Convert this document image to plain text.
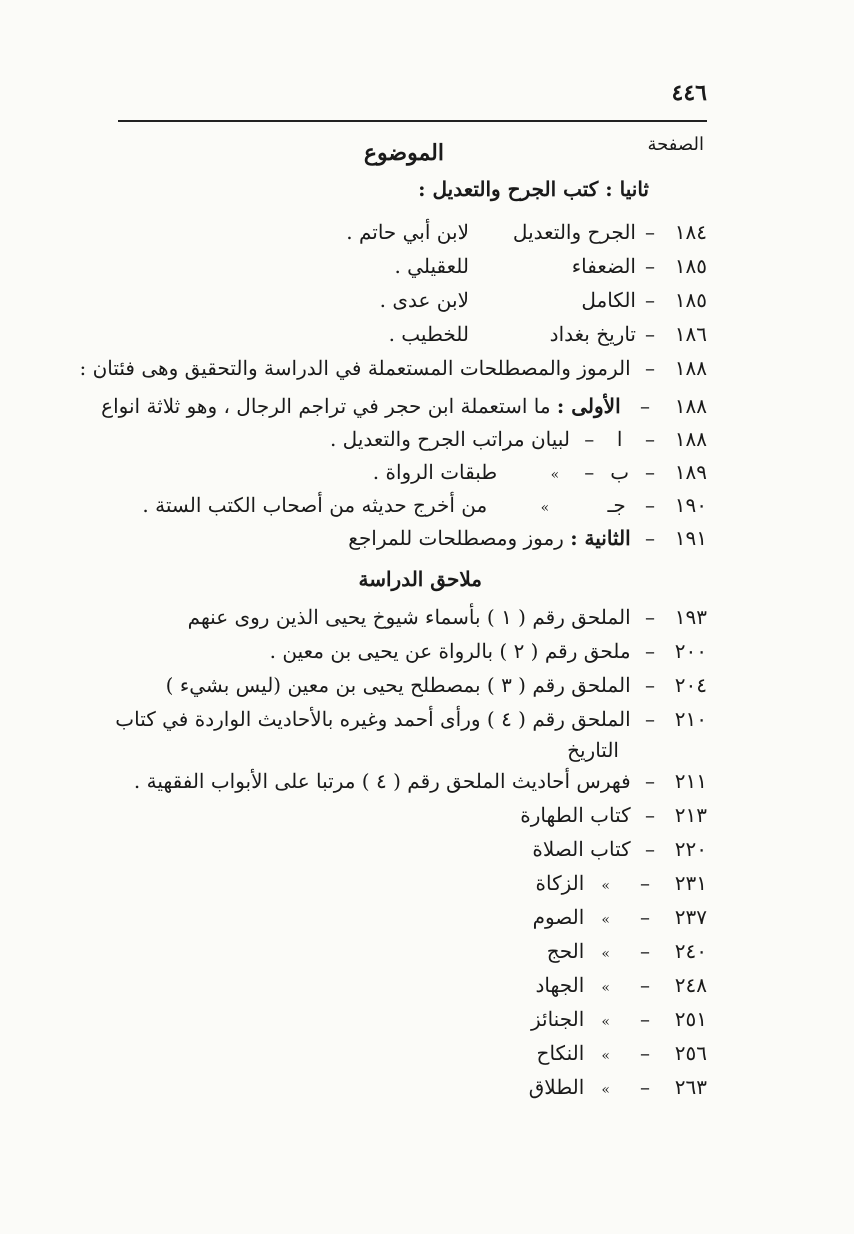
٤٤٦
الصفحة
الموضوع
ثانيا : كتب الجرح والتعديل :
١٨٤–
الجرح والتعديل
لابن أبي حاتم .
١٨٥–
الضعفاء
للعقيلي .
١٨٥–
الكامل
لابن عدى .
١٨٦–
تاريخ بغداد
للخطيب .
١٨٨– الرموز والمصطلحات المستعملة في الدراسة والتحقيق وهى فئتان :
١٨٨– الأولى : ما استعملة ابن حجر في تراجم الرجال ، وهو ثلاثة انواع
١٨٨– ا – لبيان مراتب الجرح والتعديل .
١٨٩– ب – »  طبقات الرواة .
١٩٠– جـ  »  من أخرج حديثه من أصحاب الكتب الستة .
١٩١– الثانية : رموز ومصطلحات للمراجع
ملاحق الدراسة
١٩٣– الملحق رقم ( ١ ) بأسماء شيوخ يحيى الذين روى عنهم
٢٠٠– ملحق رقم ( ٢ ) بالرواة عن يحيى بن معين .
٢٠٤– الملحق رقم ( ٣ ) بمصطلح يحيى بن معين (ليس بشيء )
٢١٠– الملحق رقم ( ٤ ) ورأى أحمد وغيره بالأحاديث الواردة في كتاب
التاريخ
٢١١– فهرس أحاديث الملحق رقم ( ٤ ) مرتبا على الأبواب الفقهية .
٢١٣– كتاب الطهارة
٢٢٠– كتاب الصلاة
٢٣١– » الزكاة
٢٣٧– » الصوم
٢٤٠– » الحج
٢٤٨– » الجهاد
٢٥١– » الجنائز
٢٥٦– » النكاح
٢٦٣– » الطلاق
